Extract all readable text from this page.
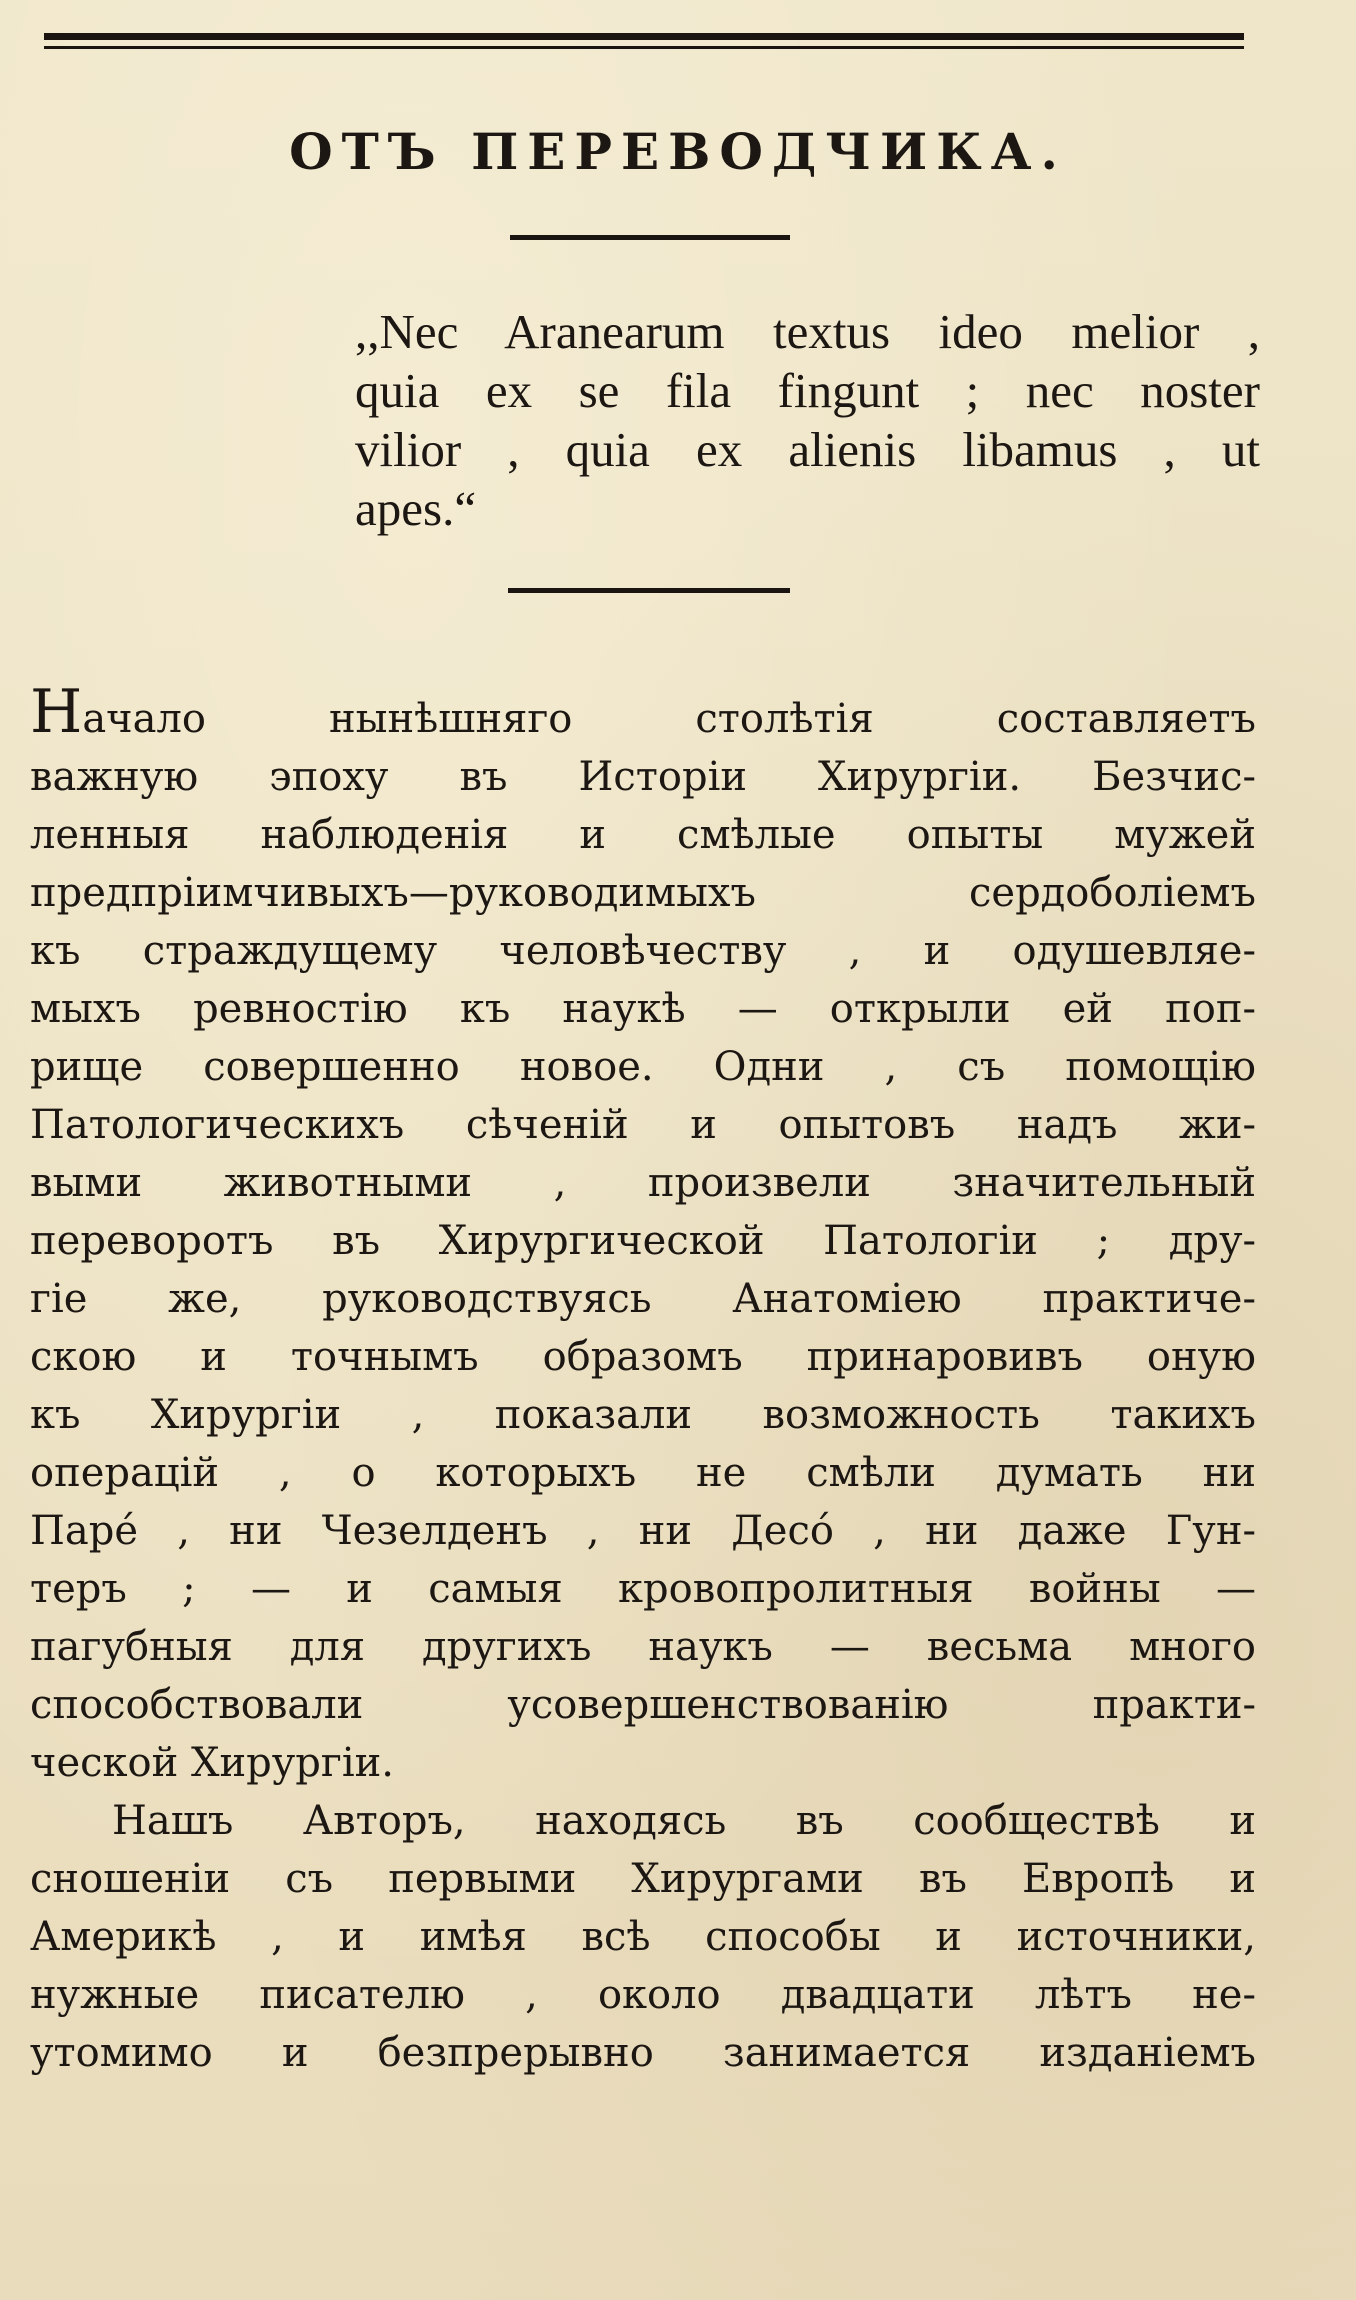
ОТЪ ПЕРЕВОДЧИКА.
,,Nec Aranearum textus ideo melior ,
quia ex se fila fingunt ; nec noster
vilior , quia ex alienis libamus , ut
apes.“
Начало нынѣшняго столѣтія составляетъ
важную эпоху въ Исторіи Хирургіи. Безчис-
ленныя наблюденія и смѣлые опыты мужей
предпріимчивыхъ—руководимыхъ сердоболіемъ
къ страждущему человѣчеству , и одушевляе-
мыхъ ревностію къ наукѣ — открыли ей поп-
рище совершенно новое. Одни , съ помощію
Патологическихъ сѣченій и опытовъ надъ жи-
выми животными , произвели значительный
переворотъ въ Хирургической Патологіи ; дру-
гіе же, руководствуясь Анатоміею практиче-
скою и точнымъ образомъ принаровивъ оную
къ Хирургіи , показали возможность такихъ
операцій , о которыхъ не смѣли думать ни
Парé , ни Чезелденъ , ни Десó , ни даже Гун-
теръ ; — и самыя кровопролитныя войны —
пагубныя для другихъ наукъ — весьма много
способствовали усовершенствованію практи-
ческой Хирургіи.
Нашъ Авторъ, находясь въ сообществѣ и
сношеніи съ первыми Хирургами въ Европѣ и
Америкѣ , и имѣя всѣ способы и источники,
нужные писателю , около двадцати лѣтъ не-
утомимо и безпрерывно занимается изданіемъ
